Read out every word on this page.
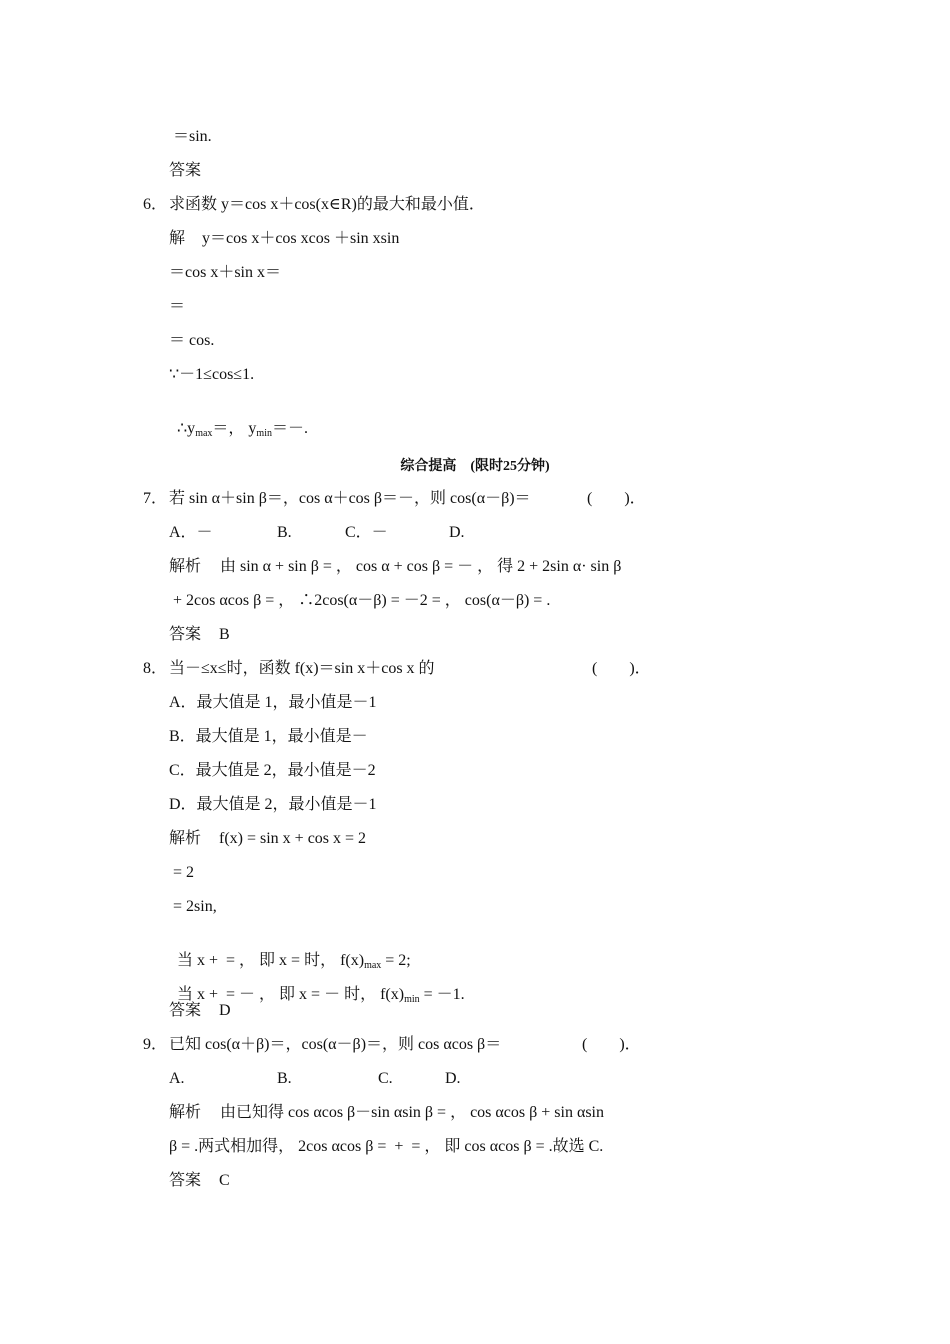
＝sin.
答案
6． 求函数 y＝cos x＋cos(x∈R)的最大和最小值．
解 y＝cos x＋cos xcos ＋sin xsin
＝cos x＋sin x＝
＝
＝ cos.
∵－1≤cos≤1.

$\therefore y_{max}=$， $y_{min}=-$.

综合提高　(限时25分钟)
7． 若 sin α＋sin β＝，cos α＋cos β＝－，则 cos(α－β)＝	(　　)．
A．－	B.	C．－	D.
解析 由 sin α + sin β = ， cos α + cos β = － ， 得 2 + 2sin α· sin β
+ 2cos αcos β = ， ∴2cos(α－β) = －2 = ， cos(α－β) = .
答案 B
8． 当－≤x≤时，函数 f(x)＝sin x＋cos x 的	(　　)．
A．最大值是 1，最小值是－1
B．最大值是 1，最小值是－
C．最大值是 2，最小值是－2
D．最大值是 2，最小值是－1
解析 f(x) = sin x + cos x = 2
= 2
= 2sin,

当 x +  = ， 即 x = 时， $f(x)_{max} = 2$;

当 x +  = － ， 即 x = － 时， $f(x)_{min} = -1$.

答案 D
9． 已知 cos(α＋β)＝，cos(α－β)＝，则 cos αcos β＝	(　　)．
A.	B.	C.	D.
解析 由已知得 cos αcos β－sin αsin β = ， cos αcos β + sin αsin
β = .两式相加得， 2cos αcos β =  +  = ， 即 cos αcos β = .故选 C.
答案 C
